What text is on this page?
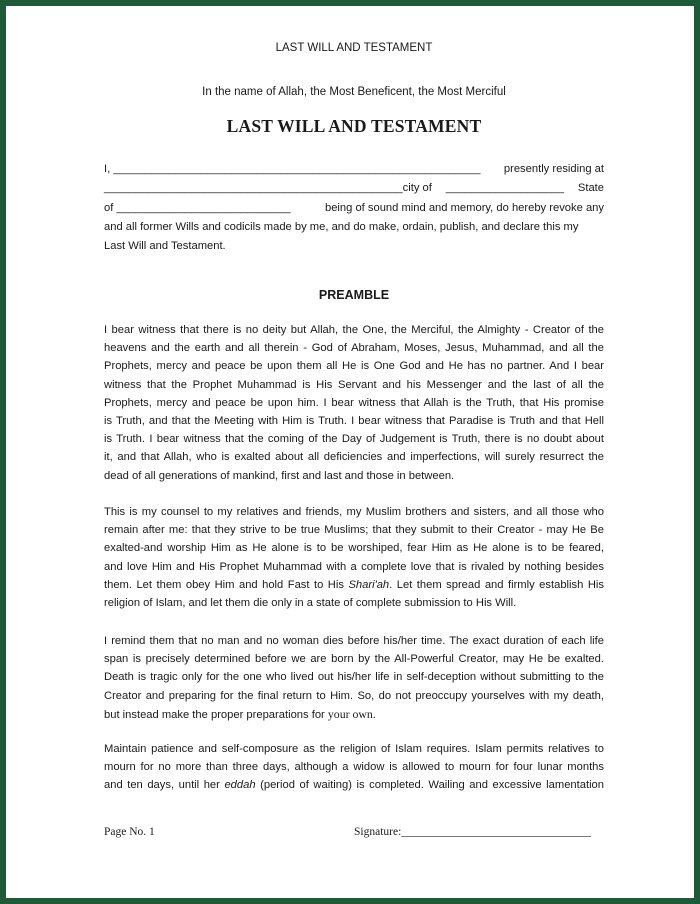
LAST WILL AND TESTAMENT
In the name of Allah, the Most Beneficent, the Most Merciful
LAST WILL AND TESTAMENT
I, ___________________________________________________________ presently residing at
________________________________________________city of ___________________ State
of ____________________________	being of sound mind and memory, do hereby revoke any
and all former Wills and codicils made by me, and do make, ordain, publish, and declare this my
Last Will and Testament.
PREAMBLE
I bear witness that there is no deity but Allah, the One, the Merciful, the Almighty - Creator of the
heavens and the earth and all therein - God of Abraham, Moses, Jesus, Muhammad, and all the
Prophets, mercy and peace be upon them all He is One God and He has no partner. And I bear
witness that the Prophet Muhammad is His Servant and his Messenger and the last of all the
Prophets, mercy and peace be upon him. I bear witness that Allah is the Truth, that His promise
is Truth, and that the Meeting with Him is Truth. I bear witness that Paradise is Truth and that Hell
is Truth. I bear witness that the coming of the Day of Judgement is Truth, there is no doubt about
it, and that Allah, who is exalted about all deficiencies and imperfections, will surely resurrect the
dead of all generations of mankind, first and last and those in between.
This is my counsel to my relatives and friends, my Muslim brothers and sisters, and all those who
remain after me: that they strive to be true Muslims; that they submit to their Creator - may He Be
exalted-and worship Him as He alone is to be worshiped, fear Him as He alone is to be feared,
and love Him and His Prophet Muhammad with a complete love that is rivaled by nothing besides
them. Let them obey Him and hold Fast to His Shari'ah. Let them spread and firmly establish His
religion of Islam, and let them die only in a state of complete submission to His Will.
I remind them that no man and no woman dies before his/her time. The exact duration of each life
span is precisely determined before we are born by the All-Powerful Creator, may He be exalted.
Death is tragic only for the one who lived out his/her life in self-deception without submitting to the
Creator and preparing for the final return to Him. So, do not preoccupy yourselves with my death,
but instead make the proper preparations for your own.
Maintain patience and self-composure as the religion of Islam requires. Islam permits relatives to
mourn for no more than three days, although a widow is allowed to mourn for four lunar months
and ten days, until her eddah (period of waiting) is completed. Wailing and excessive lamentation
Page No. 1	Signature:_________________________________
